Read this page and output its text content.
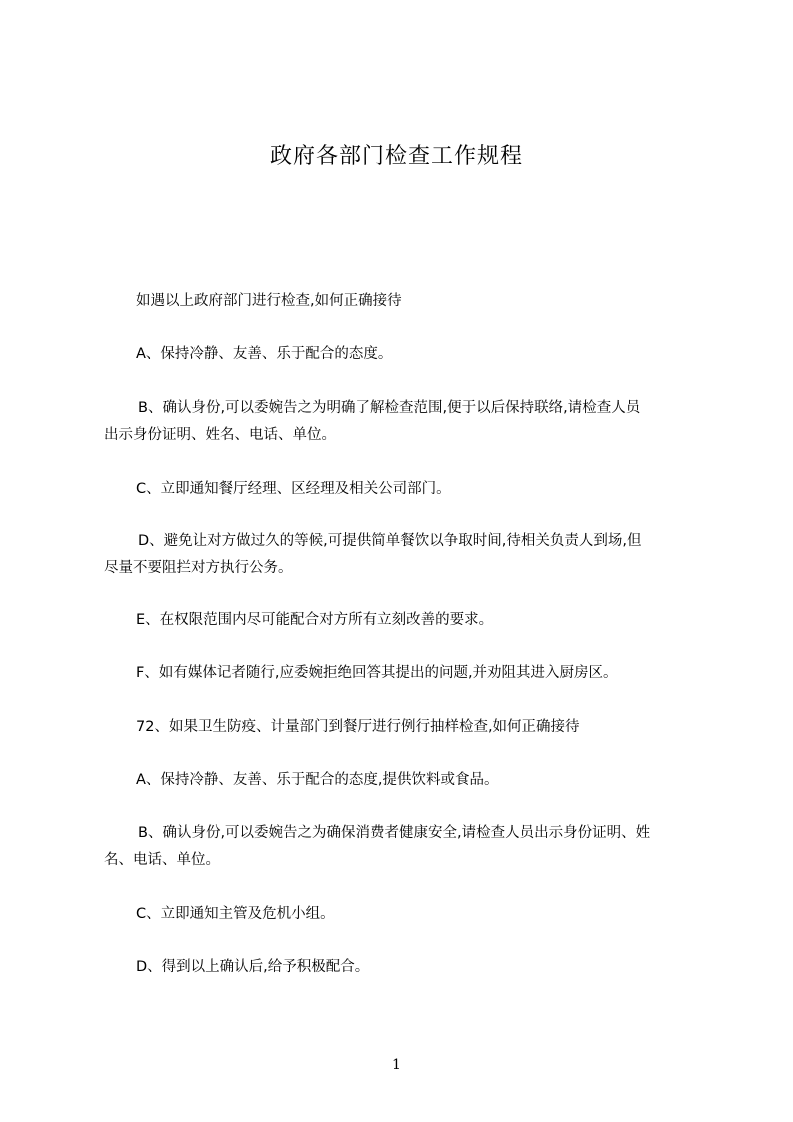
政府各部门检查工作规程

如遇以上政府部门进行检查,如何正确接待

A、保持冷静、友善、乐于配合的态度。

B、确认身份,可以委婉告之为明确了解检查范围,便于以后保持联络,请检查人员
出示身份证明、姓名、电话、单位。

C、立即通知餐厅经理、区经理及相关公司部门。

D、避免让对方做过久的等候,可提供简单餐饮以争取时间,待相关负责人到场,但
尽量不要阻拦对方执行公务。

E、在权限范围内尽可能配合对方所有立刻改善的要求。

F、如有媒体记者随行,应委婉拒绝回答其提出的问题,并劝阻其进入厨房区。

72、如果卫生防疫、计量部门到餐厅进行例行抽样检查,如何正确接待

A、保持冷静、友善、乐于配合的态度,提供饮料或食品。

B、确认身份,可以委婉告之为确保消费者健康安全,请检查人员出示身份证明、姓
名、电话、单位。

C、立即通知主管及危机小组。

D、得到以上确认后,给予积极配合。

1
